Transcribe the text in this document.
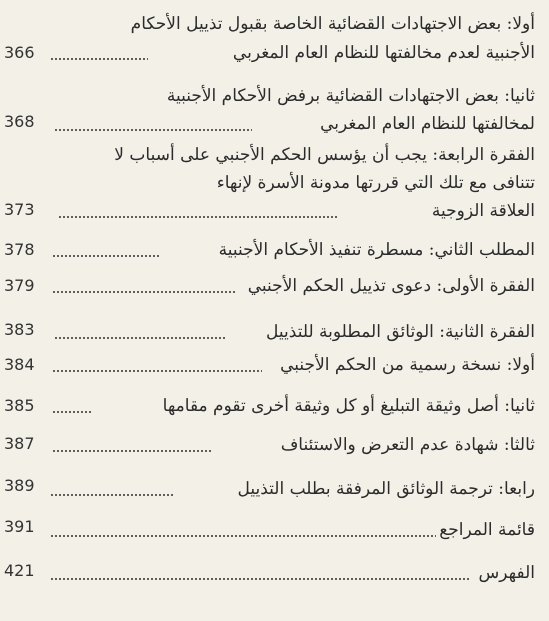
أولا: بعض الاجتهادات القضائية الخاصة بقبول تذييل الأحكام
الأجنبية لعدم مخالفتها للنظام العام المغربي
366
ثانيا: بعض الاجتهادات القضائية برفض الأحكام الأجنبية
لمخالفتها للنظام العام المغربي
368
الفقرة الرابعة: يجب أن يؤسس الحكم الأجنبي على أسباب لا
تتنافى مع تلك التي قررتها مدونة الأسرة لإنهاء
العلاقة الزوجية
373
المطلب الثاني: مسطرة تنفيذ الأحكام الأجنبية
378
الفقرة الأولى: دعوى تذييل الحكم الأجنبي
379
الفقرة الثانية: الوثائق المطلوبة للتذييل
383
أولا: نسخة رسمية من الحكم الأجنبي
384
ثانيا: أصل وثيقة التبليغ أو كل وثيقة أخرى تقوم مقامها
385
ثالثا: شهادة عدم التعرض والاستئناف
387
رابعا: ترجمة الوثائق المرفقة بطلب التذييل
389
قائمة المراجع
391
الفهرس
421
